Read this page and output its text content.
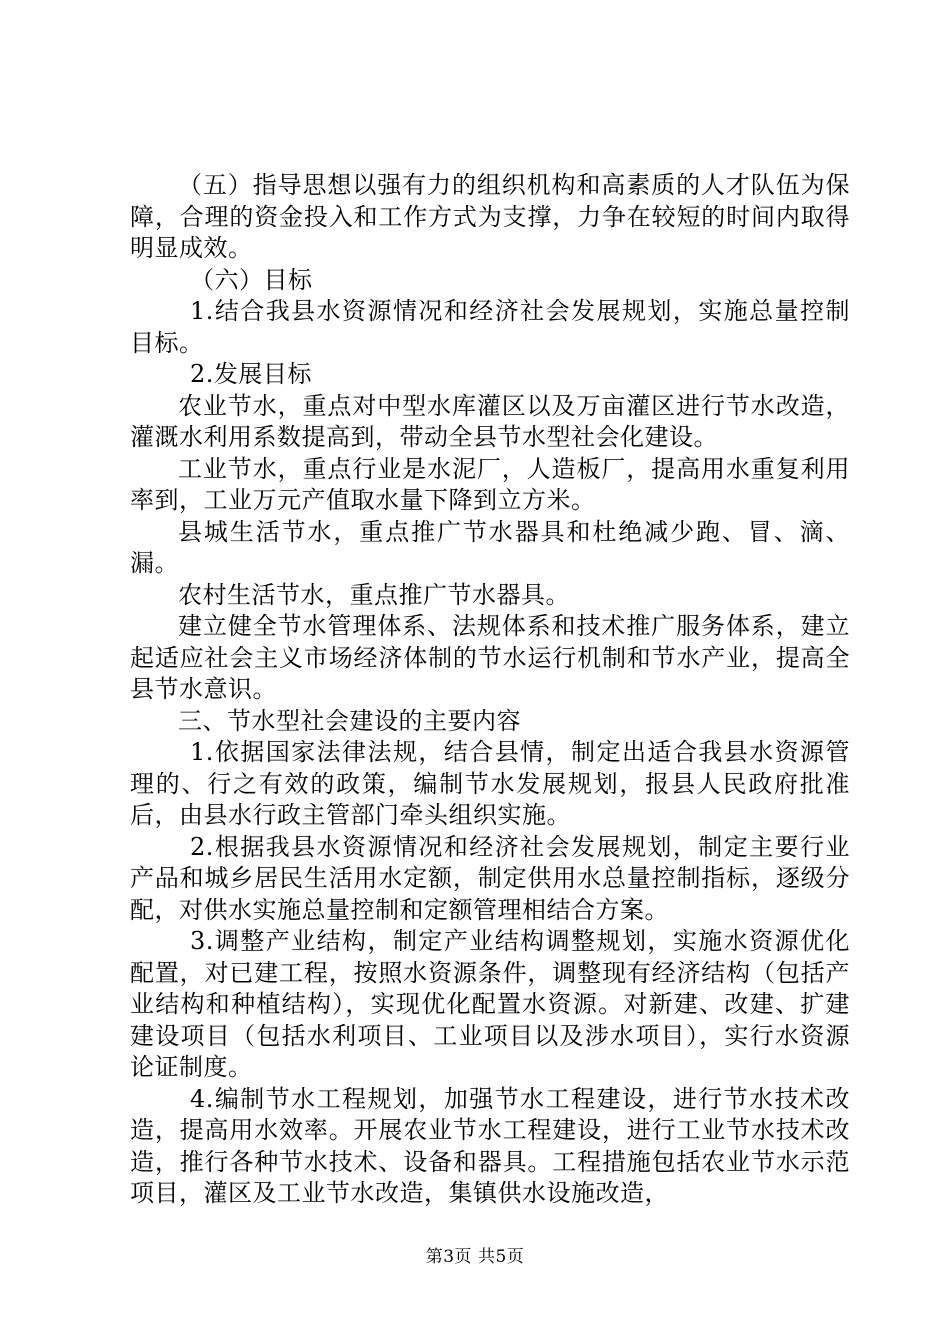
（五）指导思想以强有力的组织机构和高素质的人才队伍为保障，合理的资金投入和工作方式为支撑，力争在较短的时间内取得明显成效。

（六）目标

1.结合我县水资源情况和经济社会发展规划，实施总量控制目标。

2.发展目标

农业节水，重点对中型水库灌区以及万亩灌区进行节水改造，灌溉水利用系数提高到，带动全县节水型社会化建设。

工业节水，重点行业是水泥厂，人造板厂，提高用水重复利用率到，工业万元产值取水量下降到立方米。

县城生活节水，重点推广节水器具和杜绝减少跑、冒、滴、漏。

农村生活节水，重点推广节水器具。

建立健全节水管理体系、法规体系和技术推广服务体系，建立起适应社会主义市场经济体制的节水运行机制和节水产业，提高全县节水意识。

三、节水型社会建设的主要内容

1.依据国家法律法规，结合县情，制定出适合我县水资源管理的、行之有效的政策，编制节水发展规划，报县人民政府批准后，由县水行政主管部门牵头组织实施。

2.根据我县水资源情况和经济社会发展规划，制定主要行业产品和城乡居民生活用水定额，制定供用水总量控制指标，逐级分配，对供水实施总量控制和定额管理相结合方案。

3.调整产业结构，制定产业结构调整规划，实施水资源优化配置，对已建工程，按照水资源条件，调整现有经济结构（包括产业结构和种植结构），实现优化配置水资源。对新建、改建、扩建建设项目（包括水利项目、工业项目以及涉水项目），实行水资源论证制度。

4.编制节水工程规划，加强节水工程建设，进行节水技术改造，提高用水效率。开展农业节水工程建设，进行工业节水技术改造，推行各种节水技术、设备和器具。工程措施包括农业节水示范项目，灌区及工业节水改造，集镇供水设施改造，

第3页 共5页
